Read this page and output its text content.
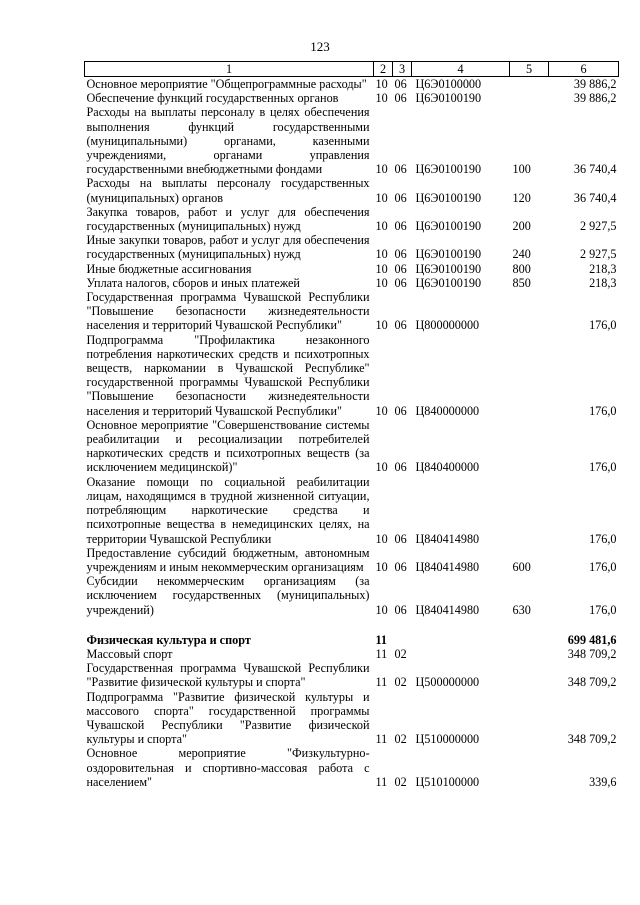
123
1	2	3	4	5	6
Основное мероприятие "Общепрограммные расходы"	10	06	Ц6Э0100000		39 886,2
Обеспечение функций государственных органов	10	06	Ц6Э0100190		39 886,2
Расходы на выплаты персоналу в целях обеспечения выполнения функций государственными (муниципальными) органами, казенными учреждениями, органами управления государственными внебюджетными фондами	10	06	Ц6Э0100190	100	36 740,4
Расходы на выплаты персоналу государственных (муниципальных) органов	10	06	Ц6Э0100190	120	36 740,4
Закупка товаров, работ и услуг для обеспечения государственных (муниципальных) нужд	10	06	Ц6Э0100190	200	2 927,5
Иные закупки товаров, работ и услуг для обеспечения государственных (муниципальных) нужд	10	06	Ц6Э0100190	240	2 927,5
Иные бюджетные ассигнования	10	06	Ц6Э0100190	800	218,3
Уплата налогов, сборов и иных платежей	10	06	Ц6Э0100190	850	218,3
Государственная программа Чувашской Республики "Повышение безопасности жизнедеятельности населения и территорий Чувашской Республики"	10	06	Ц800000000		176,0
Подпрограмма "Профилактика незаконного потребления наркотических средств и психотропных веществ, наркомании в Чувашской Республике" государственной программы Чувашской Республики "Повышение безопасности жизнедеятельности населения и территорий Чувашской Республики"	10	06	Ц840000000		176,0
Основное мероприятие "Совершенствование системы реабилитации и ресоциализации потребителей наркотических средств и психотропных веществ (за исключением медицинской)"	10	06	Ц840400000		176,0
Оказание помощи по социальной реабилитации лицам, находящимся в трудной жизненной ситуации, потребляющим наркотические средства и психотропные вещества в немедицинских целях, на территории Чувашской Республики	10	06	Ц840414980		176,0
Предоставление субсидий бюджетным, автономным учреждениям и иным некоммерческим организациям	10	06	Ц840414980	600	176,0
Субсидии некоммерческим организациям (за исключением государственных (муниципальных) учреждений)	10	06	Ц840414980	630	176,0

Физическая культура и спорт	11				699 481,6
Массовый спорт	11	02			348 709,2
Государственная программа Чувашской Республики "Развитие физической культуры и спорта"	11	02	Ц500000000		348 709,2
Подпрограмма "Развитие физической культуры и массового спорта" государственной программы Чувашской Республики "Развитие физической культуры и спорта"	11	02	Ц510000000		348 709,2
Основное мероприятие "Физкультурно-оздоровительная и спортивно-массовая работа с населением"	11	02	Ц510100000		339,6
